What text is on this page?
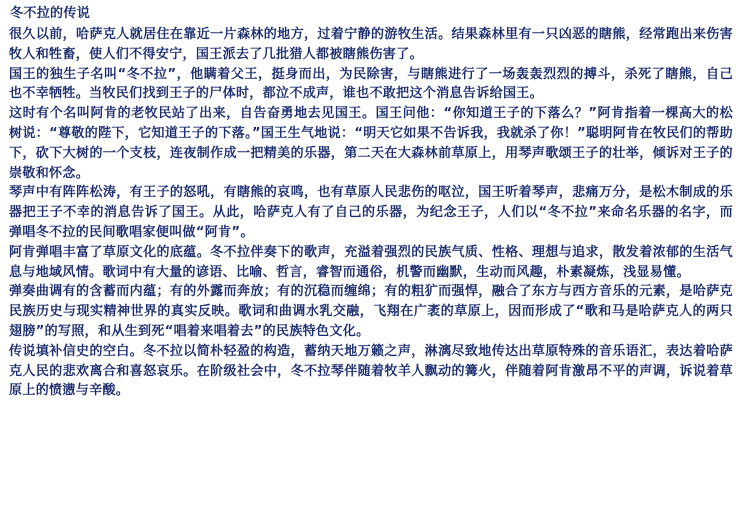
冬不拉的传说

很久以前，哈萨克人就居住在靠近一片森林的地方，过着宁静的游牧生活。结果森林里有一只凶恶的瞎熊，经常跑出来伤害牧人和牲畜，使人们不得安宁，国王派去了几批猎人都被瞎熊伤害了。

国王的独生子名叫“冬不拉”，他瞒着父王，挺身而出，为民除害，与瞎熊进行了一场轰轰烈烈的搏斗，杀死了瞎熊，自己也不幸牺牲。当牧民们找到王子的尸体时，都泣不成声，谁也不敢把这个消息告诉给国王。

这时有个名叫阿肯的老牧民站了出来，自告奋勇地去见国王。国王问他：“你知道王子的下落么？”阿肯指着一棵高大的松树说：“尊敬的陛下，它知道王子的下落。”国王生气地说：“明天它如果不告诉我，我就杀了你！”聪明阿肯在牧民们的帮助下，砍下大树的一个支枝，连夜制作成一把精美的乐器，第二天在大森林前草原上，用琴声歌颂王子的壮举，倾诉对王子的崇敬和怀念。

琴声中有阵阵松涛，有王子的怒吼，有瞎熊的哀鸣，也有草原人民悲伤的呕泣，国王听着琴声，悲痛万分，是松木制成的乐器把王子不幸的消息告诉了国王。从此，哈萨克人有了自己的乐器，为纪念王子，人们以“冬不拉”来命名乐器的名字，而弹唱冬不拉的民间歌唱家便叫做“阿肯”。

阿肯弹唱丰富了草原文化的底蕴。冬不拉伴奏下的歌声，充溢着强烈的民族气质、性格、理想与追求，散发着浓郁的生活气息与地域风情。歌词中有大量的谚语、比喻、哲言，睿智而通俗，机警而幽默，生动而风趣，朴素凝炼，浅显易懂。

弹奏曲调有的含蓄而内蕴；有的外露而奔放；有的沉稳而缠绵；有的粗犷而强悍，融合了东方与西方音乐的元素，是哈萨克民族历史与现实精神世界的真实反映。歌词和曲调水乳交融，飞翔在广袤的草原上，因而形成了“歌和马是哈萨克人的两只翅膀”的写照，和从生到死“唱着来唱着去”的民族特色文化。

传说填补信史的空白。冬不拉以简朴轻盈的构造，蓄纳天地万籁之声，淋漓尽致地传达出草原特殊的音乐语汇，表达着哈萨克人民的悲欢离合和喜怒哀乐。在阶级社会中，冬不拉琴伴随着牧羊人飘动的篝火，伴随着阿肯激昂不平的声调，诉说着草原上的愤懑与辛酸。
